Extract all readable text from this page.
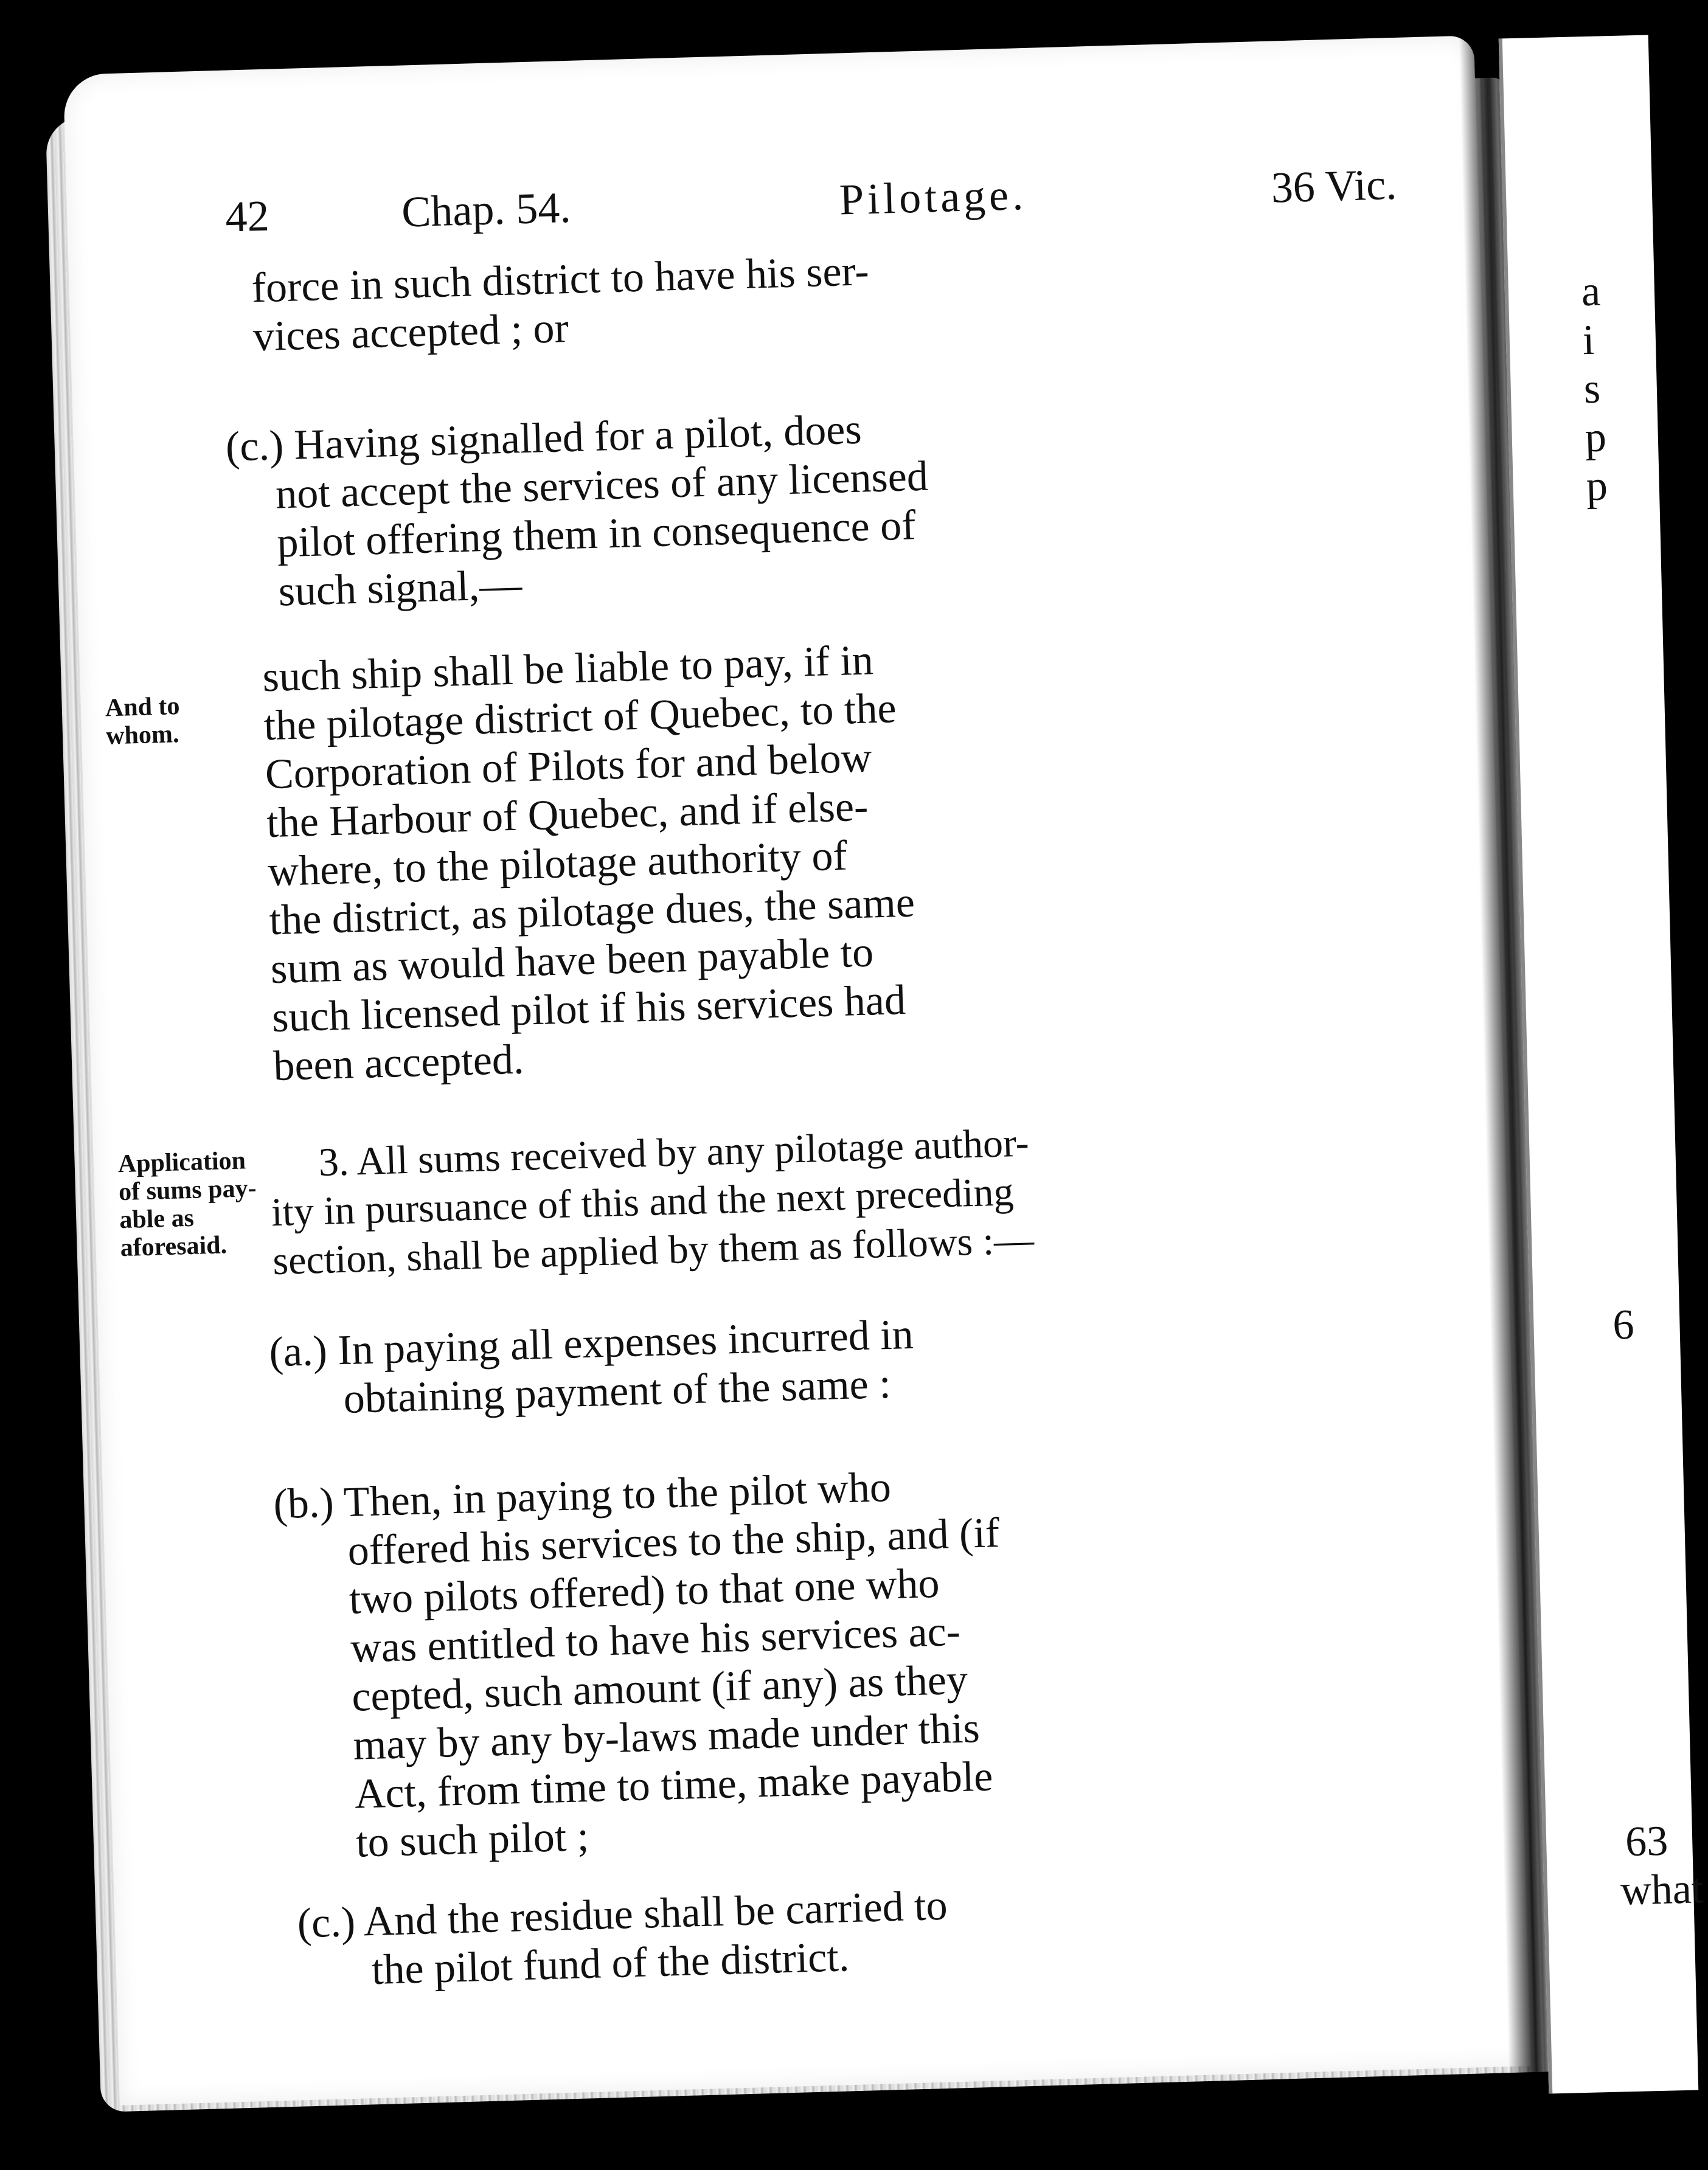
42	Chap. 54.	Pilotage.	36 Vic.
force in such district to have his ser-
vices accepted ; or
(c.) Having signalled for a pilot, does
not accept the services of any licensed
pilot offering them in consequence of
such signal,—
And to
whom.
such ship shall be liable to pay, if in
the pilotage district of Quebec, to the
Corporation of Pilots for and below
the Harbour of Quebec, and if else-
where, to the pilotage authority of
the district, as pilotage dues, the same
sum as would have been payable to
such licensed pilot if his services had
been accepted.
Application
of sums pay-
able as
aforesaid.
3. All sums received by any pilotage author-
ity in pursuance of this and the next preceding
section, shall be applied by them as follows :—
(a.) In paying all expenses incurred in
obtaining payment of the same :
(b.) Then, in paying to the pilot who
offered his services to the ship, and (if
two pilots offered) to that one who
was entitled to have his services ac-
cepted, such amount (if any) as they
may by any by-laws made under this
Act, from time to time, make payable
to such pilot ;
(c.) And the residue shall be carried to
the pilot fund of the district.
a
i
s
p
p
6
63
what
